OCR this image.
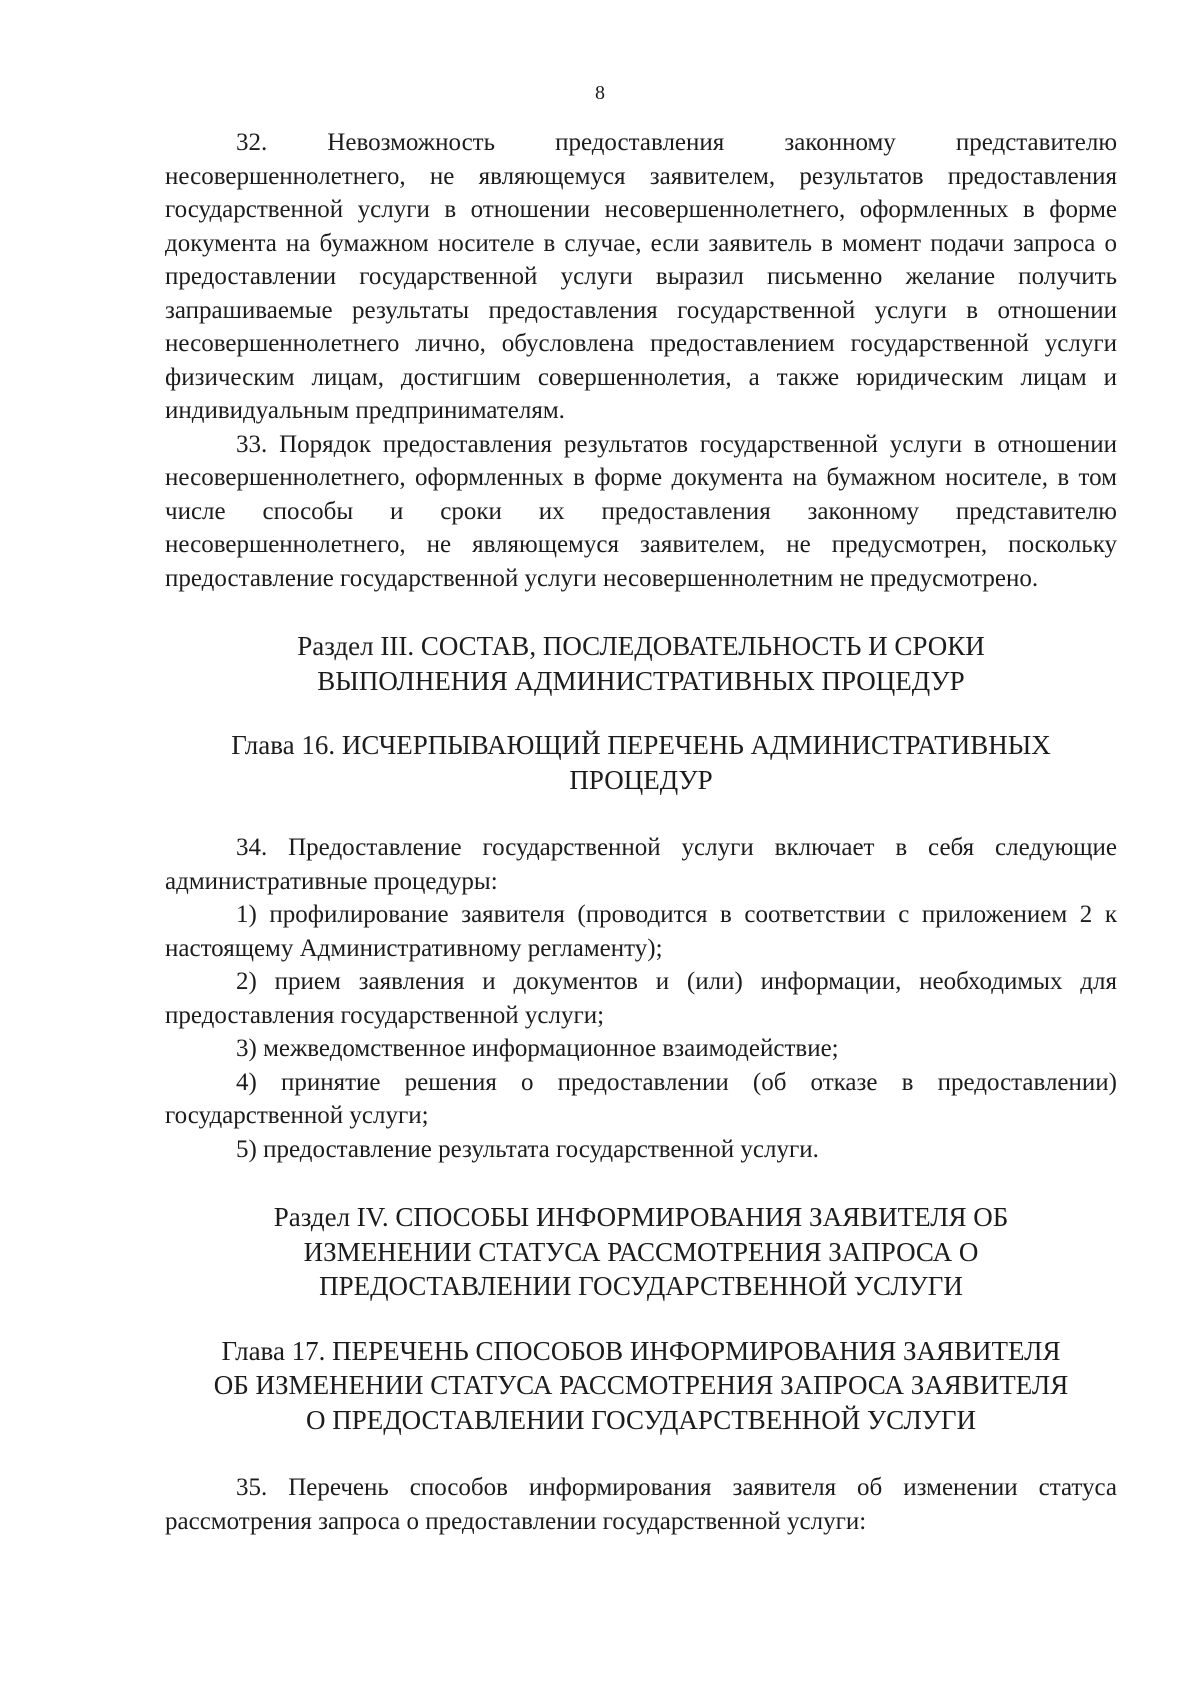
8

32. Невозможность предоставления законному представителю несовершеннолетнего, не являющемуся заявителем, результатов предоставления государственной услуги в отношении несовершеннолетнего, оформленных в форме документа на бумажном носителе в случае, если заявитель в момент подачи запроса о предоставлении государственной услуги выразил письменно желание получить запрашиваемые результаты предоставления государственной услуги в отношении несовершеннолетнего лично, обусловлена предоставлением государственной услуги физическим лицам, достигшим совершеннолетия, а также юридическим лицам и индивидуальным предпринимателям.

33. Порядок предоставления результатов государственной услуги в отношении несовершеннолетнего, оформленных в форме документа на бумажном носителе, в том числе способы и сроки их предоставления законному представителю несовершеннолетнего, не являющемуся заявителем, не предусмотрен, поскольку предоставление государственной услуги несовершеннолетним не предусмотрено.

Раздел III. СОСТАВ, ПОСЛЕДОВАТЕЛЬНОСТЬ И СРОКИ

ВЫПОЛНЕНИЯ АДМИНИСТРАТИВНЫХ ПРОЦЕДУР

Глава 16. ИСЧЕРПЫВАЮЩИЙ ПЕРЕЧЕНЬ АДМИНИСТРАТИВНЫХ

ПРОЦЕДУР

34. Предоставление государственной услуги включает в себя следующие административные процедуры:

1) профилирование заявителя (проводится в соответствии с приложением 2 к настоящему Административному регламенту);

2) прием заявления и документов и (или) информации, необходимых для предоставления государственной услуги;

3) межведомственное информационное взаимодействие;

4) принятие решения о предоставлении (об отказе в предоставлении) государственной услуги;

5) предоставление результата государственной услуги.

Раздел IV. СПОСОБЫ ИНФОРМИРОВАНИЯ ЗАЯВИТЕЛЯ ОБ

ИЗМЕНЕНИИ СТАТУСА РАССМОТРЕНИЯ ЗАПРОСА О

ПРЕДОСТАВЛЕНИИ ГОСУДАРСТВЕННОЙ УСЛУГИ

Глава 17. ПЕРЕЧЕНЬ СПОСОБОВ ИНФОРМИРОВАНИЯ ЗАЯВИТЕЛЯ

ОБ ИЗМЕНЕНИИ СТАТУСА РАССМОТРЕНИЯ ЗАПРОСА ЗАЯВИТЕЛЯ

О ПРЕДОСТАВЛЕНИИ ГОСУДАРСТВЕННОЙ УСЛУГИ

35. Перечень способов информирования заявителя об изменении статуса рассмотрения запроса о предоставлении государственной услуги:
